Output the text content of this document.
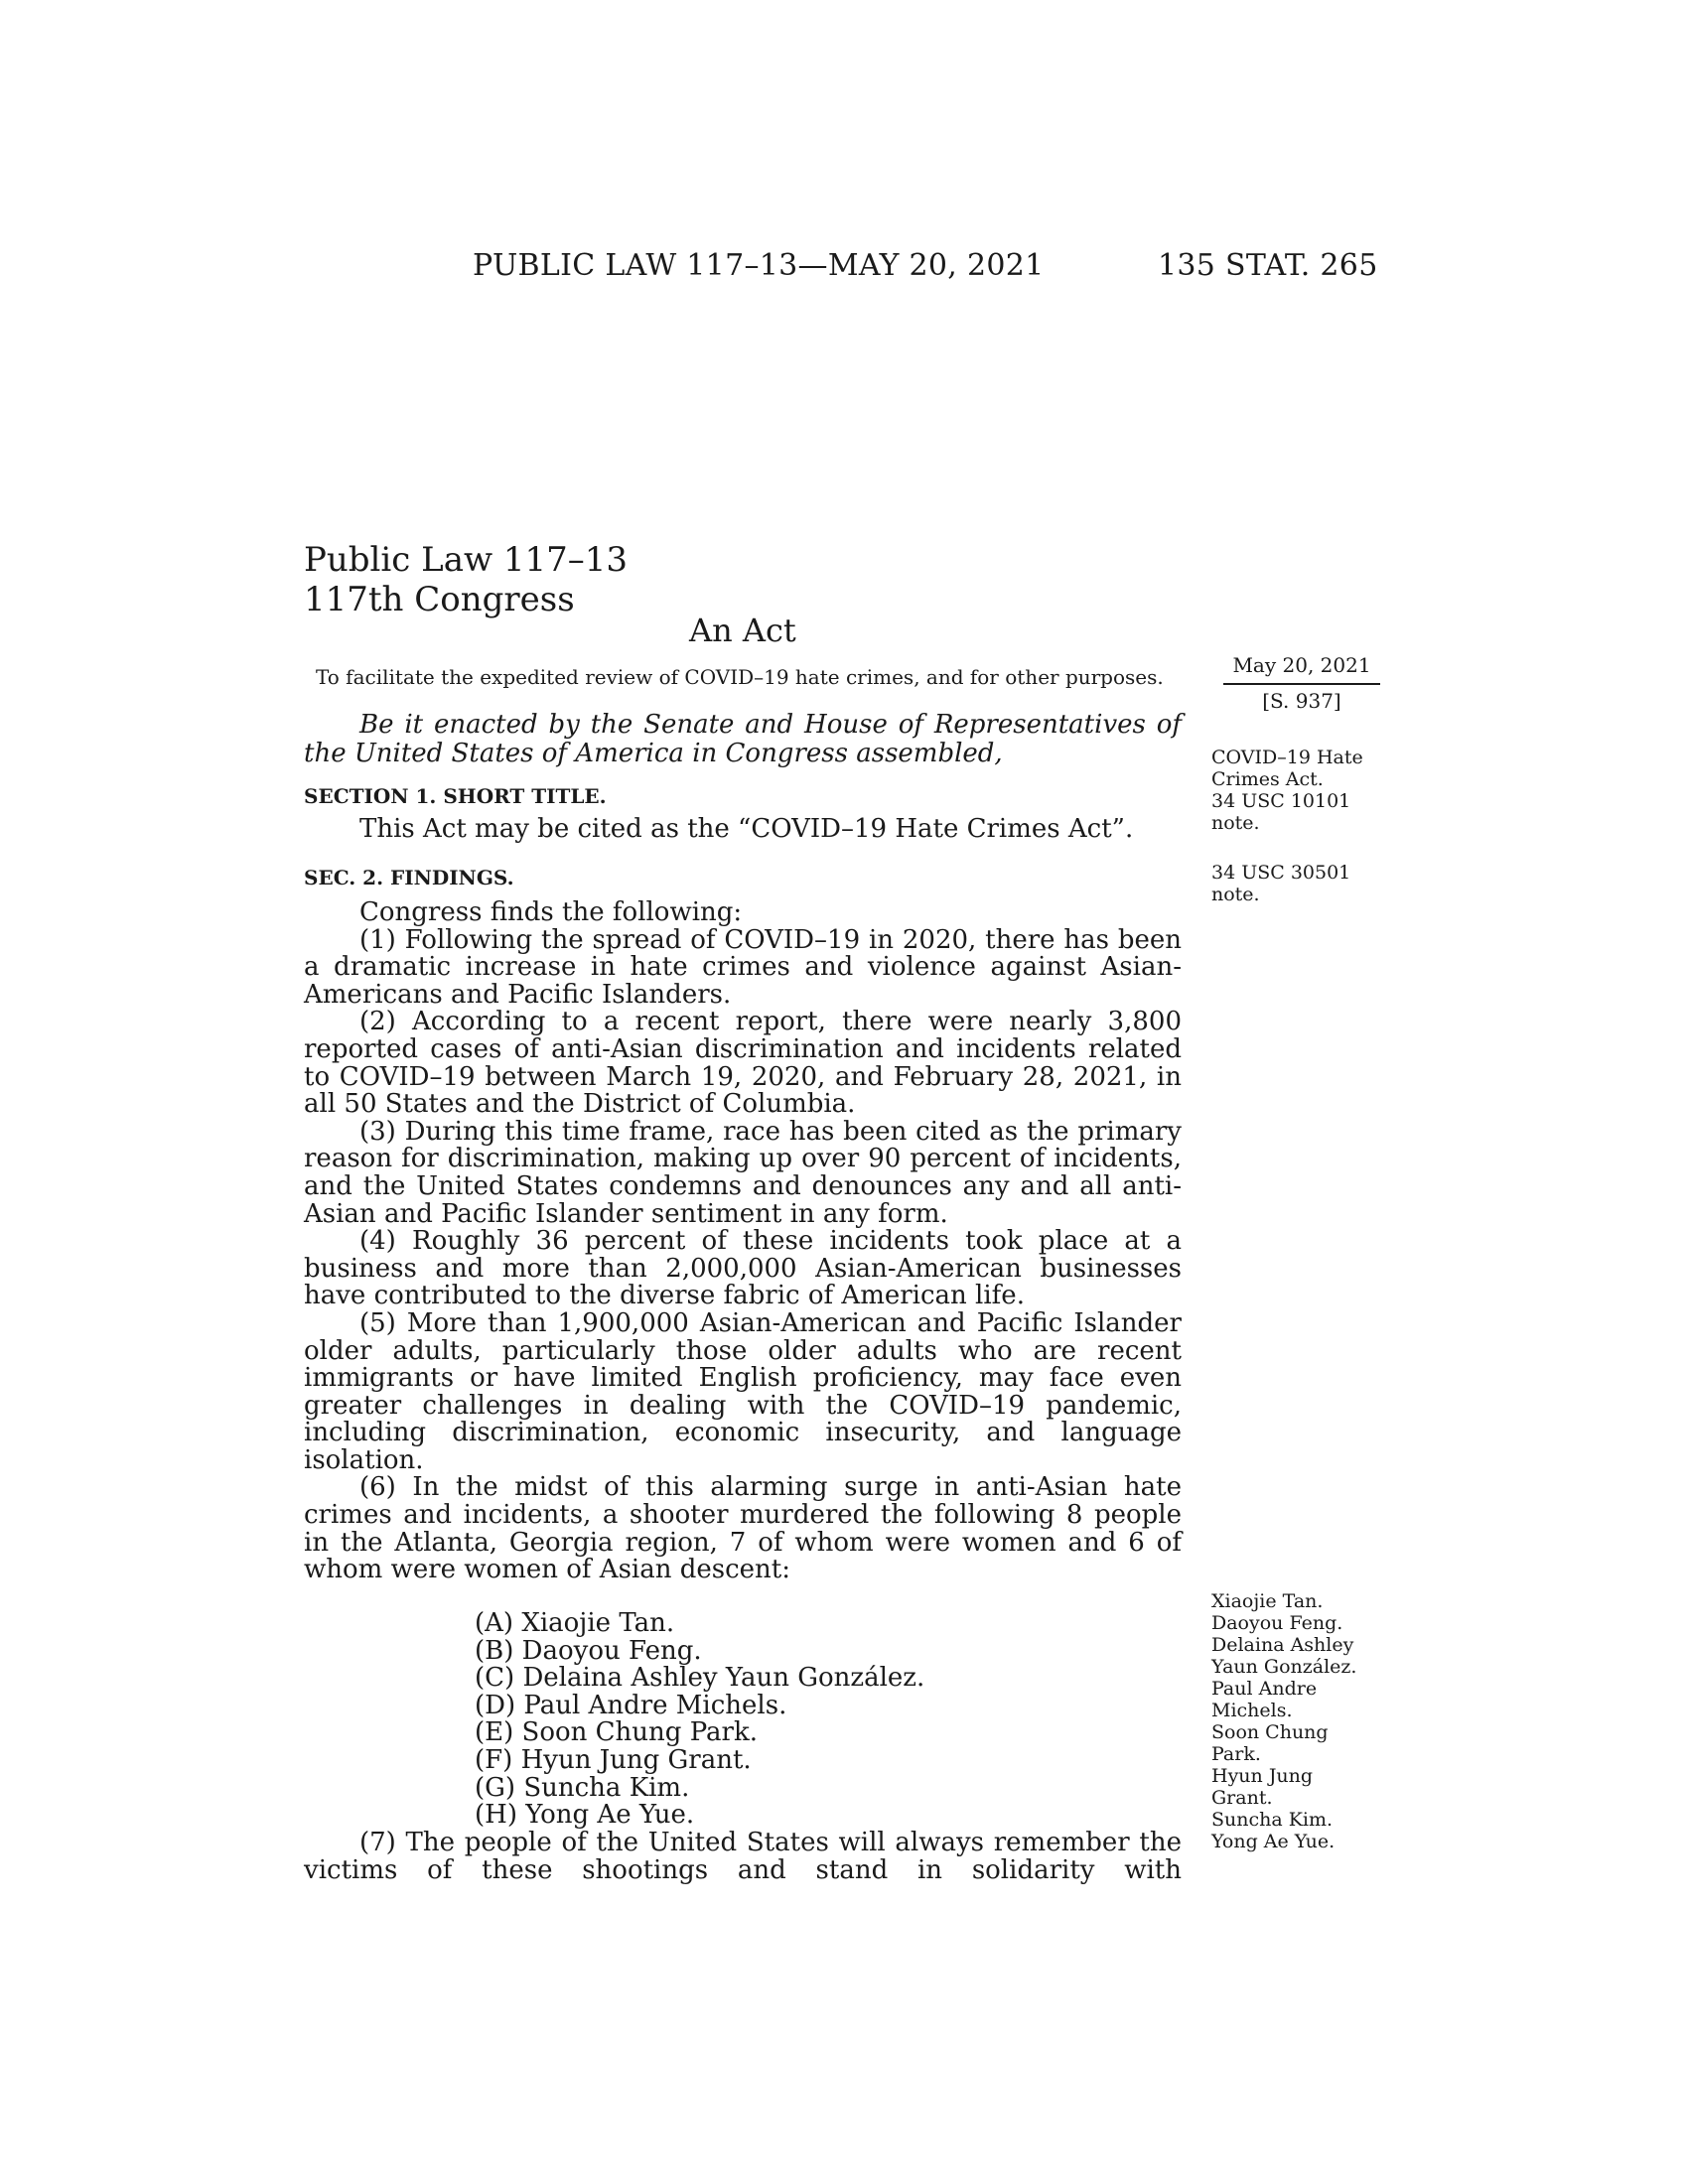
PUBLIC LAW 117–13—MAY 20, 2021	135 STAT. 265
Public Law 117–13
117th Congress
An Act
To facilitate the expedited review of COVID–19 hate crimes, and for other purposes.	May 20, 2021
[S. 937]
Be it enacted by the Senate and House of Representatives of the United States of America in Congress assembled,
SECTION 1. SHORT TITLE.

This Act may be cited as the “COVID–19 Hate Crimes Act”.

SEC. 2. FINDINGS.

Congress finds the following:

(1) Following the spread of COVID–19 in 2020, there has been a dramatic increase in hate crimes and violence against Asian-Americans and Pacific Islanders.

(2) According to a recent report, there were nearly 3,800 reported cases of anti-Asian discrimination and incidents related to COVID–19 between March 19, 2020, and February 28, 2021, in all 50 States and the District of Columbia.

(3) During this time frame, race has been cited as the primary reason for discrimination, making up over 90 percent of incidents, and the United States condemns and denounces any and all anti-Asian and Pacific Islander sentiment in any form.

(4) Roughly 36 percent of these incidents took place at a business and more than 2,000,000 Asian-American businesses have contributed to the diverse fabric of American life.

(5) More than 1,900,000 Asian-American and Pacific Islander older adults, particularly those older adults who are recent immigrants or have limited English proficiency, may face even greater challenges in dealing with the COVID–19 pandemic, including discrimination, economic insecurity, and language isolation.

(6) In the midst of this alarming surge in anti-Asian hate crimes and incidents, a shooter murdered the following 8 people in the Atlanta, Georgia region, 7 of whom were women and 6 of whom were women of Asian descent:

(A) Xiaojie Tan.
(B) Daoyou Feng.
(C) Delaina Ashley Yaun González.
(D) Paul Andre Michels.
(E) Soon Chung Park.
(F) Hyun Jung Grant.
(G) Suncha Kim.
(H) Yong Ae Yue.

(7) The people of the United States will always remember the victims of these shootings and stand in solidarity with

COVID–19 Hate
Crimes Act.
34 USC 10101
note.
34 USC 30501
note.
Xiaojie Tan.
Daoyou Feng.
Delaina Ashley
Yaun González.
Paul Andre
Michels.
Soon Chung
Park.
Hyun Jung
Grant.
Suncha Kim.
Yong Ae Yue.
